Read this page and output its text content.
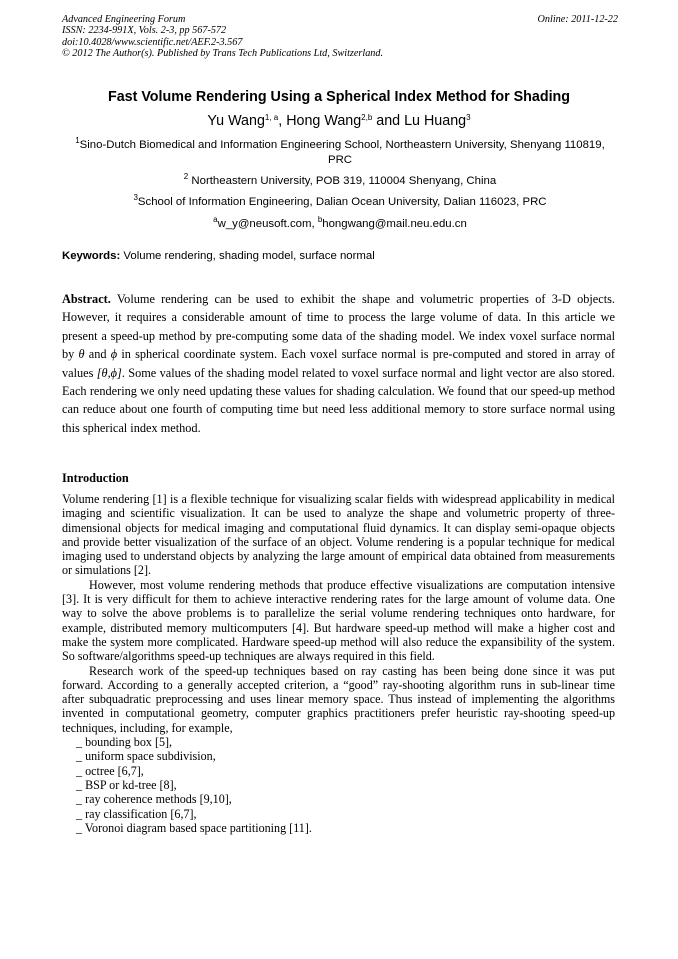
Advanced Engineering Forum	Online: 2011-12-22
ISSN: 2234-991X, Vols. 2-3, pp 567-572
doi:10.4028/www.scientific.net/AEF.2-3.567
© 2012 The Author(s). Published by Trans Tech Publications Ltd, Switzerland.
Fast Volume Rendering Using a Spherical Index Method for Shading
Yu Wang$^{1, a}$, Hong Wang$^{2,b}$ and Lu Huang$^3$
$^1$Sino-Dutch Biomedical and Information Engineering School, Northeastern University, Shenyang 110819, PRC
$^2$ Northeastern University, POB 319, 110004 Shenyang, China
$^3$School of Information Engineering, Dalian Ocean University, Dalian 116023, PRC
$^a$w_y@neusoft.com, $^b$hongwang@mail.neu.edu.cn
Keywords: Volume rendering, shading model, surface normal
Abstract. Volume rendering can be used to exhibit the shape and volumetric properties of 3-D objects. However, it requires a considerable amount of time to process the large volume of data. In this article we present a speed-up method by pre-computing some data of the shading model. We index voxel surface normal by θ and ϕ in spherical coordinate system. Each voxel surface normal is pre-computed and stored in array of values [θ,ϕ]. Some values of the shading model related to voxel surface normal and light vector are also stored. Each rendering we only need updating these values for shading calculation. We found that our speed-up method can reduce about one fourth of computing time but need less additional memory to store surface normal using this spherical index method.
Introduction

Volume rendering [1] is a flexible technique for visualizing scalar fields with widespread applicability in medical imaging and scientific visualization. It can be used to analyze the shape and volumetric property of three-dimensional objects for medical imaging and computational fluid dynamics. It can display semi-opaque objects and provide better visualization of the surface of an object. Volume rendering is a popular technique for medical imaging used to understand objects by analyzing the large amount of empirical data obtained from measurements or simulations [2].

However, most volume rendering methods that produce effective visualizations are computation intensive [3]. It is very difficult for them to achieve interactive rendering rates for the large amount of volume data. One way to solve the above problems is to parallelize the serial volume rendering techniques onto hardware, for example, distributed memory multicomputers [4]. But hardware speed-up method will make a higher cost and make the system more complicated. Hardware speed-up method will also reduce the expansibility of the system. So software/algorithms speed-up techniques are always required in this field.

Research work of the speed-up techniques based on ray casting has been being done since it was put forward. According to a generally accepted criterion, a “good” ray-shooting algorithm runs in sub-linear time after subquadratic preprocessing and uses linear memory space. Thus instead of implementing the algorithms invented in computational geometry, computer graphics practitioners prefer heuristic ray-shooting speed-up techniques, including, for example,

_ bounding box [5],
_ uniform space subdivision,
_ octree [6,7],
_ BSP or kd-tree [8],
_ ray coherence methods [9,10],
_ ray classification [6,7],
_ Voronoi diagram based space partitioning [11].
